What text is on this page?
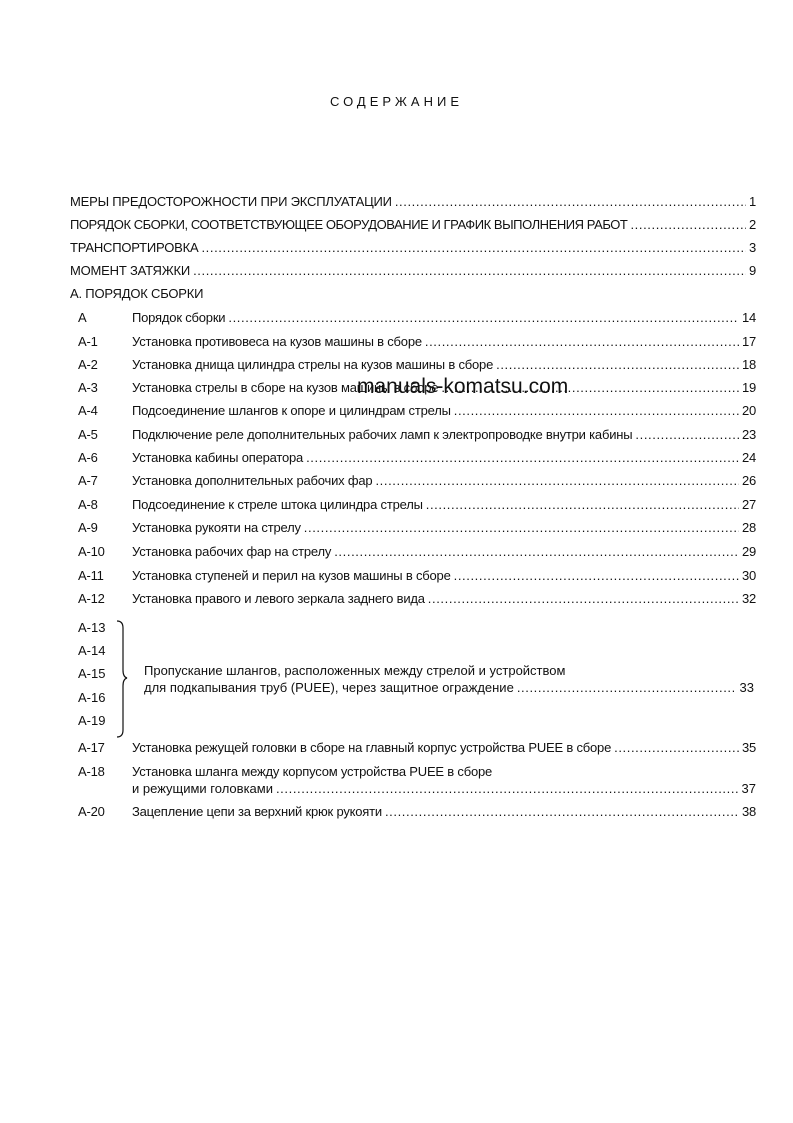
СОДЕРЖАНИЕ
МЕРЫ ПРЕДОСТОРОЖНОСТИ ПРИ ЭКСПЛУАТАЦИИ .....	1
ПОРЯДОК СБОРКИ, СООТВЕТСТВУЮЩЕЕ ОБОРУДОВАНИЕ И ГРАФИК ВЫПОЛНЕНИЯ РАБОТ .....	2
ТРАНСПОРТИРОВКА .....	3
МОМЕНТ ЗАТЯЖКИ .....	9
А. ПОРЯДОК СБОРКИ
А	Порядок сборки .....	14
А-1	Установка противовеса на кузов машины в сборе .....	17
А-2	Установка днища цилиндра стрелы на кузов машины в сборе .....	18
А-3	Установка стрелы в сборе на кузов машины в сборе .....	19
А-4	Подсоединение шлангов к опоре и цилиндрам стрелы .....	20
А-5	Подключение реле дополнительных рабочих ламп к электропроводке внутри кабины .....	23
А-6	Установка кабины оператора .....	24
А-7	Установка дополнительных рабочих фар .....	26
А-8	Подсоединение к стреле штока цилиндра стрелы .....	27
А-9	Установка рукояти на стрелу .....	28
А-10	Установка рабочих фар на стрелу .....	29
А-11	Установка ступеней и перил на кузов машины в сборе .....	30
А-12	Установка правого и левого зеркала заднего вида .....	32
А-13
А-14
А-15
А-16
А-19
Пропускание шлангов, расположенных между стрелой и устройством
для подкапывания труб (PUEE), через защитное ограждение .....	33
А-17	Установка режущей головки в сборе на главный корпус устройства PUEE в сборе .....	35
А-18	Установка шланга между корпусом устройства PUEE в сборе
и режущими головками .....	37
А-20	Зацепление цепи за верхний крюк рукояти .....	38
manuals-komatsu.com
